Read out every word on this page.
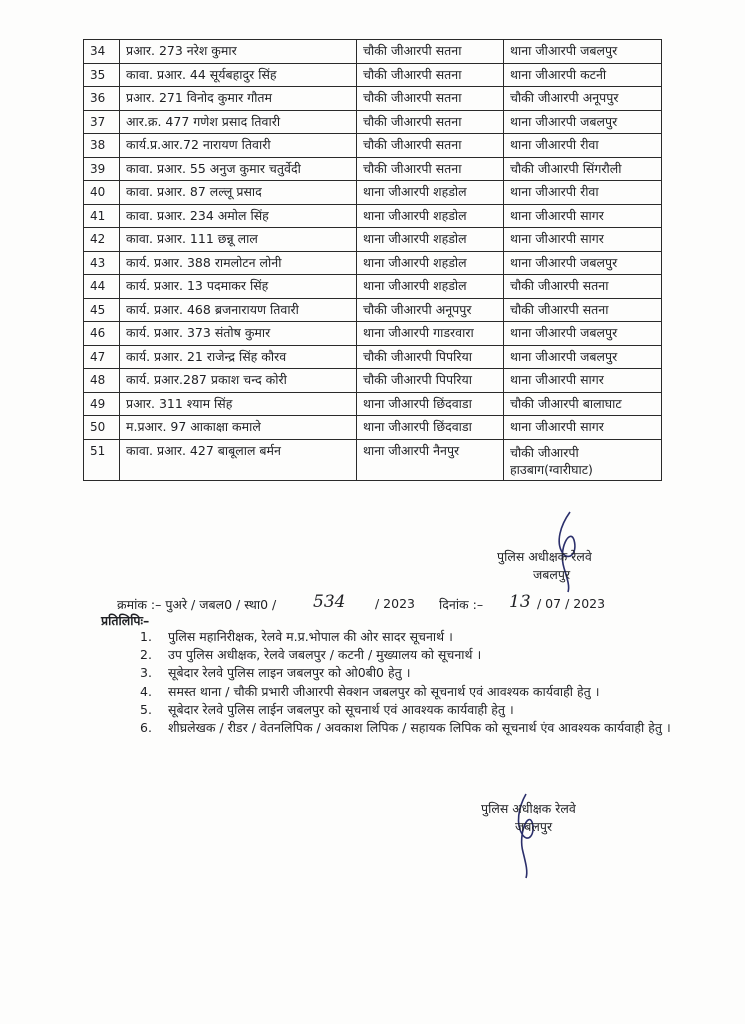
34	प्रआर. 273 नरेश कुमार	चौकी जीआरपी सतना	थाना जीआरपी जबलपुर
35	कावा. प्रआर. 44 सूर्यबहादुर सिंह	चौकी जीआरपी सतना	थाना जीआरपी कटनी
36	प्रआर. 271 विनोद कुमार गौतम	चौकी जीआरपी सतना	चौकी जीआरपी अनूपपुर
37	आर.क्र. 477 गणेश प्रसाद तिवारी	चौकी जीआरपी सतना	थाना जीआरपी जबलपुर
38	कार्य.प्र.आर.72 नारायण तिवारी	चौकी जीआरपी सतना	थाना जीआरपी रीवा
39	कावा. प्रआर. 55 अनुज कुमार चतुर्वेदी	चौकी जीआरपी सतना	चौकी जीआरपी सिंगरौली
40	कावा. प्रआर. 87 लल्लू प्रसाद	थाना जीआरपी शहडोल	थाना जीआरपी रीवा
41	कावा. प्रआर. 234 अमोल सिंह	थाना जीआरपी शहडोल	थाना जीआरपी सागर
42	कावा. प्रआर. 111 छन्नू लाल	थाना जीआरपी शहडोल	थाना जीआरपी सागर
43	कार्य. प्रआर. 388 रामलोटन लोनी	थाना जीआरपी शहडोल	थाना जीआरपी जबलपुर
44	कार्य. प्रआर. 13 पदमाकर सिंह	थाना जीआरपी शहडोल	चौकी जीआरपी सतना
45	कार्य. प्रआर. 468 ब्रजनारायण तिवारी	चौकी जीआरपी अनूपपुर	चौकी जीआरपी सतना
46	कार्य. प्रआर. 373 संतोष कुमार	थाना जीआरपी गाडरवारा	थाना जीआरपी जबलपुर
47	कार्य. प्रआर. 21 राजेन्द्र सिंह कौरव	चौकी जीआरपी पिपरिया	थाना जीआरपी जबलपुर
48	कार्य. प्रआर.287 प्रकाश चन्द कोरी	चौकी जीआरपी पिपरिया	थाना जीआरपी सागर
49	प्रआर. 311 श्याम सिंह	थाना जीआरपी छिंदवाडा	चौकी जीआरपी बालाघाट
50	म.प्रआर. 97 आकाक्षा कमाले	थाना जीआरपी छिंदवाडा	थाना जीआरपी सागर
51	कावा. प्रआर. 427 बाबूलाल बर्मन	थाना जीआरपी नैनपुर	चौकी जीआरपी हाउबाग(ग्वारीघाट)
पुलिस अधीक्षक रेलवे
जबलपुर
क्रमांक :– पुअरे / जबल0 / स्था0 / 534 / 2023 दिनांक :– 13 / 07 / 2023
प्रतिलिपिः–
1. पुलिस महानिरीक्षक, रेलवे म.प्र.भोपाल की ओर सादर सूचनार्थ ।
2. उप पुलिस अधीक्षक, रेलवे जबलपुर / कटनी / मुख्यालय को सूचनार्थ ।
3. सूबेदार रेलवे पुलिस लाइन जबलपुर को ओ0बी0 हेतु ।
4. समस्त थाना / चौकी प्रभारी जीआरपी सेक्शन जबलपुर को सूचनार्थ एवं आवश्यक कार्यवाही हेतु ।
5. सूबेदार रेलवे पुलिस लाईन जबलपुर को सूचनार्थ एवं आवश्यक कार्यवाही हेतु ।
6. शीघ्रलेखक / रीडर / वेतनलिपिक / अवकाश लिपिक / सहायक लिपिक को सूचनार्थ एंव आवश्यक कार्यवाही हेतु ।
पुलिस अधीक्षक रेलवे
जबलपुर
